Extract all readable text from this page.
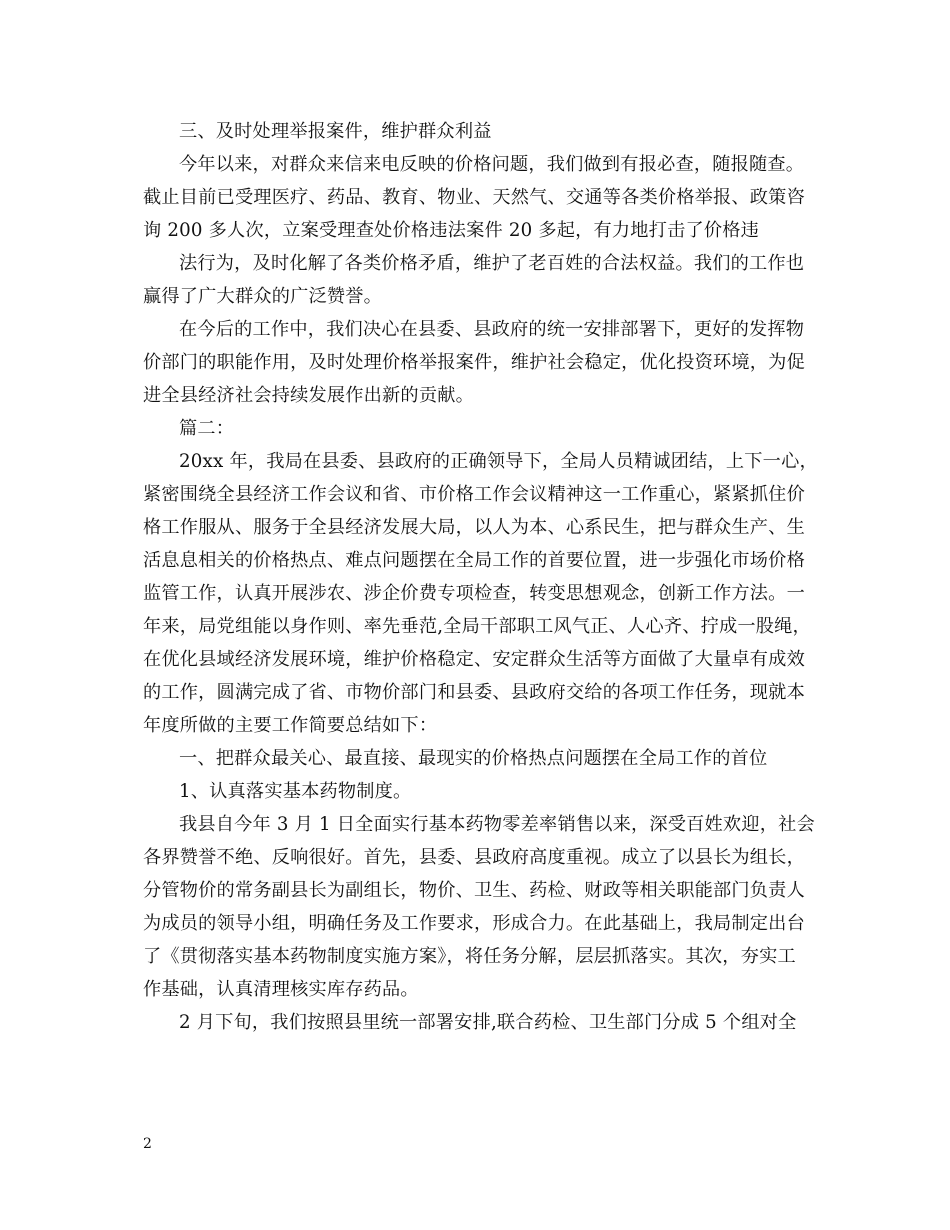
三、及时处理举报案件，维护群众利益
今年以来，对群众来信来电反映的价格问题，我们做到有报必查，随报随查。
截止目前已受理医疗、药品、教育、物业、天然气、交通等各类价格举报、政策咨
询 200 多人次，立案受理查处价格违法案件 20 多起，有力地打击了价格违
法行为，及时化解了各类价格矛盾，维护了老百姓的合法权益。我们的工作也
赢得了广大群众的广泛赞誉。
在今后的工作中，我们决心在县委、县政府的统一安排部署下，更好的发挥物
价部门的职能作用，及时处理价格举报案件，维护社会稳定，优化投资环境，为促
进全县经济社会持续发展作出新的贡献。
篇二：
20xx 年，我局在县委、县政府的正确领导下，全局人员精诚团结，上下一心，
紧密围绕全县经济工作会议和省、市价格工作会议精神这一工作重心，紧紧抓住价
格工作服从、服务于全县经济发展大局，以人为本、心系民生，把与群众生产、生
活息息相关的价格热点、难点问题摆在全局工作的首要位置，进一步强化市场价格
监管工作，认真开展涉农、涉企价费专项检查，转变思想观念，创新工作方法。一
年来，局党组能以身作则、率先垂范,全局干部职工风气正、人心齐、拧成一股绳，
在优化县域经济发展环境，维护价格稳定、安定群众生活等方面做了大量卓有成效
的工作，圆满完成了省、市物价部门和县委、县政府交给的各项工作任务，现就本
年度所做的主要工作简要总结如下：
一、把群众最关心、最直接、最现实的价格热点问题摆在全局工作的首位
1、认真落实基本药物制度。
我县自今年 3 月 1 日全面实行基本药物零差率销售以来，深受百姓欢迎，社会
各界赞誉不绝、反响很好。首先，县委、县政府高度重视。成立了以县长为组长，
分管物价的常务副县长为副组长，物价、卫生、药检、财政等相关职能部门负责人
为成员的领导小组，明确任务及工作要求，形成合力。在此基础上，我局制定出台
了《贯彻落实基本药物制度实施方案》，将任务分解，层层抓落实。其次，夯实工
作基础，认真清理核实库存药品。
2 月下旬，我们按照县里统一部署安排,联合药检、卫生部门分成 5 个组对全
2
